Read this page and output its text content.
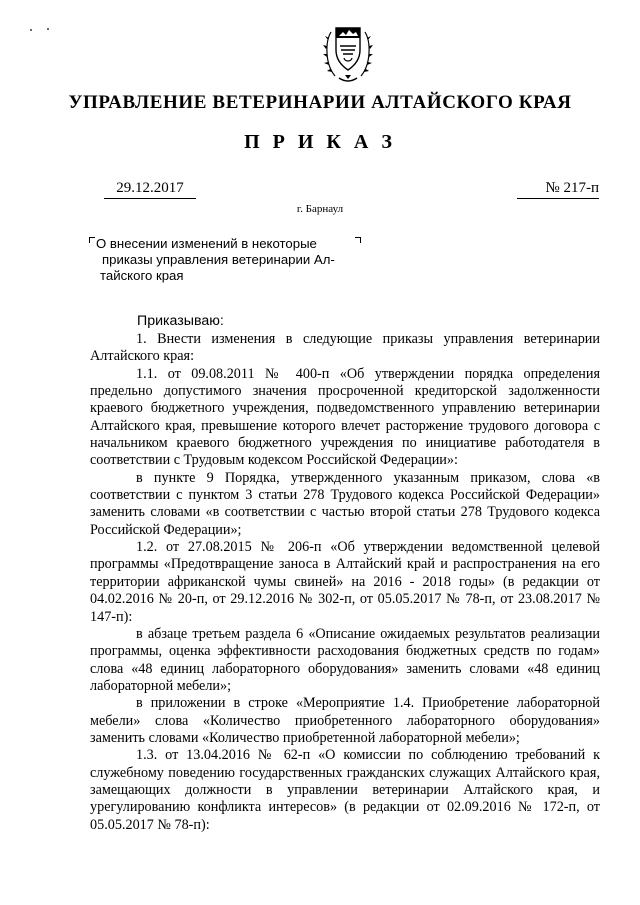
УПРАВЛЕНИЕ ВЕТЕРИНАРИИ АЛТАЙСКОГО КРАЯ
П Р И К А З
29.12.2017	№ 217-п
г. Барнаул
О внесении изменений в некоторые
приказы управления ветеринарии Ал-
тайского края
Приказываю:
1. Внести изменения в следующие приказы управления ветеринарии Алтайского края:
1.1. от 09.08.2011 № 400-п «Об утверждении порядка определения предельно допустимого значения просроченной кредиторской задолженности краевого бюджетного учреждения, подведомственного управлению ветеринарии Алтайского края, превышение которого влечет расторжение трудового договора с начальником краевого бюджетного учреждения по инициативе работодателя в соответствии с Трудовым кодексом Российской Федерации»:
в пункте 9 Порядка, утвержденного указанным приказом, слова «в соответствии с пунктом 3 статьи 278 Трудового кодекса Российской Федерации» заменить словами «в соответствии с частью второй статьи 278 Трудового кодекса Российской Федерации»;
1.2. от 27.08.2015 № 206-п «Об утверждении ведомственной целевой программы «Предотвращение заноса в Алтайский край и распространения на его территории африканской чумы свиней» на 2016 - 2018 годы» (в редакции от 04.02.2016 № 20-п, от 29.12.2016 № 302-п, от 05.05.2017 № 78-п, от 23.08.2017 № 147-п):
в абзаце третьем раздела 6 «Описание ожидаемых результатов реализации программы, оценка эффективности расходования бюджетных средств по годам» слова «48 единиц лабораторного оборудования» заменить словами «48 единиц лабораторной мебели»;
в приложении в строке «Мероприятие 1.4. Приобретение лабораторной мебели» слова «Количество приобретенного лабораторного оборудования» заменить словами «Количество приобретенной лабораторной мебели»;
1.3. от 13.04.2016 № 62-п «О комиссии по соблюдению требований к служебному поведению государственных гражданских служащих Алтайского края, замещающих должности в управлении ветеринарии Алтайского края, и урегулированию конфликта интересов» (в редакции от 02.09.2016 № 172-п, от 05.05.2017 № 78-п):
